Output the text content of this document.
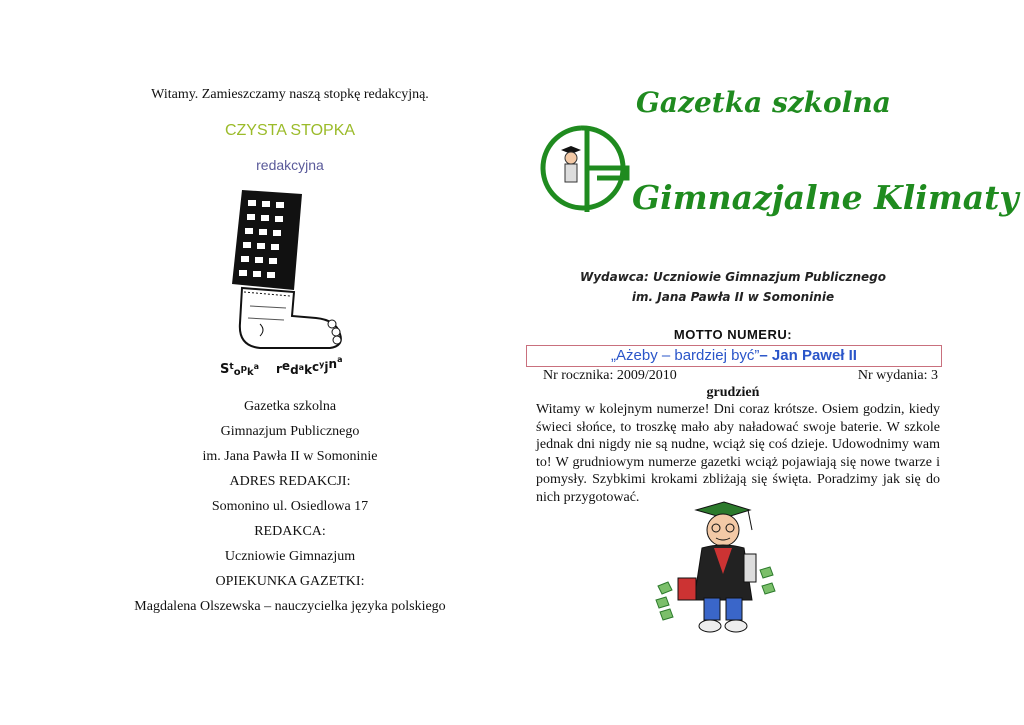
Witamy. Zamieszczamy naszą stopkę redakcyjną.
CZYSTA STOPKA
redakcyjna
$S^t_o^p_k^a$ $red^akc^yjn^a$
Gazetka szkolna
Gimnazjum Publicznego
im. Jana Pawła II w Somoninie
ADRES REDAKCJI:
Somonino ul. Osiedlowa 17
REDAKCA:
Uczniowie Gimnazjum
OPIEKUNKA GAZETKI:
Magdalena Olszewska – nauczycielka języka polskiego
Gazetka szkolna
Gimnazjalne Klimaty
Wydawca: Uczniowie Gimnazjum Publicznego
im. Jana Pawła II w Somoninie
MOTTO NUMERU:
„Ażeby – bardziej być”– Jan Paweł II
Nr rocznika: 2009/2010	Nr wydania: 3
grudzień
Witamy w kolejnym numerze! Dni coraz krótsze. Osiem godzin, kiedy świeci słońce, to troszkę mało aby naładować swoje baterie. W szkole jednak dni nigdy nie są nudne, wciąż się coś dzieje. Udowodnimy wam to! W grudniowym numerze gazetki wciąż pojawiają się nowe twarze i pomysły. Szybkimi krokami zbliżają się święta. Poradzimy jak się do nich przygotować.
